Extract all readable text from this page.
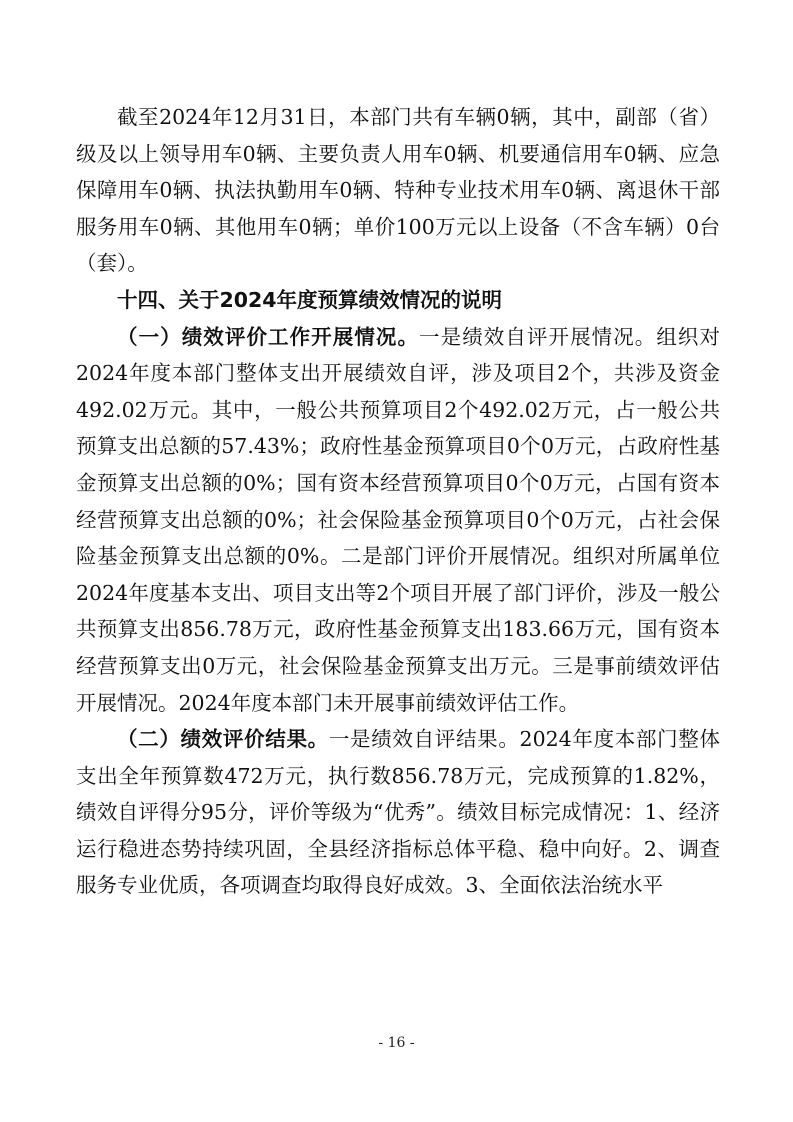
截至2024年12月31日，本部门共有车辆0辆，其中，副部（省）级及以上领导用车0辆、主要负责人用车0辆、机要通信用车0辆、应急保障用车0辆、执法执勤用车0辆、特种专业技术用车0辆、离退休干部服务用车0辆、其他用车0辆；单价100万元以上设备（不含车辆）0台（套）。

十四、关于2024年度预算绩效情况的说明

（一）绩效评价工作开展情况。一是绩效自评开展情况。组织对2024年度本部门整体支出开展绩效自评，涉及项目2个，共涉及资金492.02万元。其中，一般公共预算项目2个492.02万元，占一般公共预算支出总额的57.43%；政府性基金预算项目0个0万元，占政府性基金预算支出总额的0%；国有资本经营预算项目0个0万元，占国有资本经营预算支出总额的0%；社会保险基金预算项目0个0万元，占社会保险基金预算支出总额的0%。二是部门评价开展情况。组织对所属单位2024年度基本支出、项目支出等2个项目开展了部门评价，涉及一般公共预算支出856.78万元，政府性基金预算支出183.66万元，国有资本经营预算支出0万元，社会保险基金预算支出万元。三是事前绩效评估开展情况。2024年度本部门未开展事前绩效评估工作。

（二）绩效评价结果。一是绩效自评结果。2024年度本部门整体支出全年预算数472万元，执行数856.78万元，完成预算的1.82%，绩效自评得分95分，评价等级为“优秀”。绩效目标完成情况：1、经济运行稳进态势持续巩固，全县经济指标总体平稳、稳中向好。2、调查服务专业优质，各项调查均取得良好成效。3、全面依法治统水平

- 16 -
